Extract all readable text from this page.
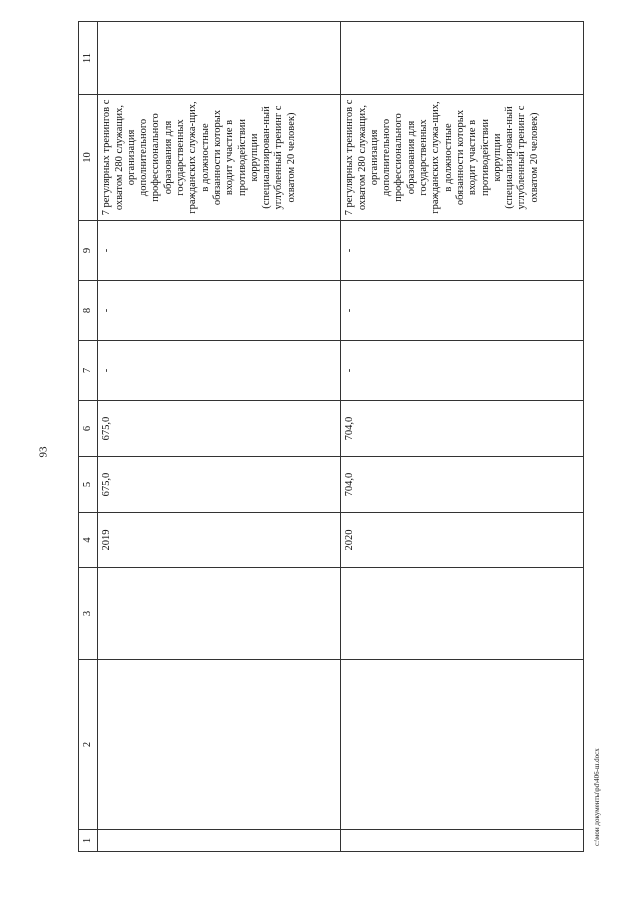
93
1	2	3	4	5	6	7	8	9	10	11
			2019	675,0	675,0	-	-	-	7 регулярных тренингов с охватом 280 служащих, организация дополнительного профессионального образования для государственных гражданских служа-щих, в должностные обязанности которых входит участие в противодействии коррупции (специализирован-ный углубленный тренинг с охватом 20 человек)	
			2020	704,0	704,0	-	-	-	7 регулярных тренингов с охватом 280 служащих, организация дополнительного профессионального образования для государственных гражданских служа-щих, в должностные обязанности которых входит участие в противодействии коррупции (специализирован-ный углубленный тренинг с охватом 20 человек)	
c:\мои документы\pd\406-ш.docx
